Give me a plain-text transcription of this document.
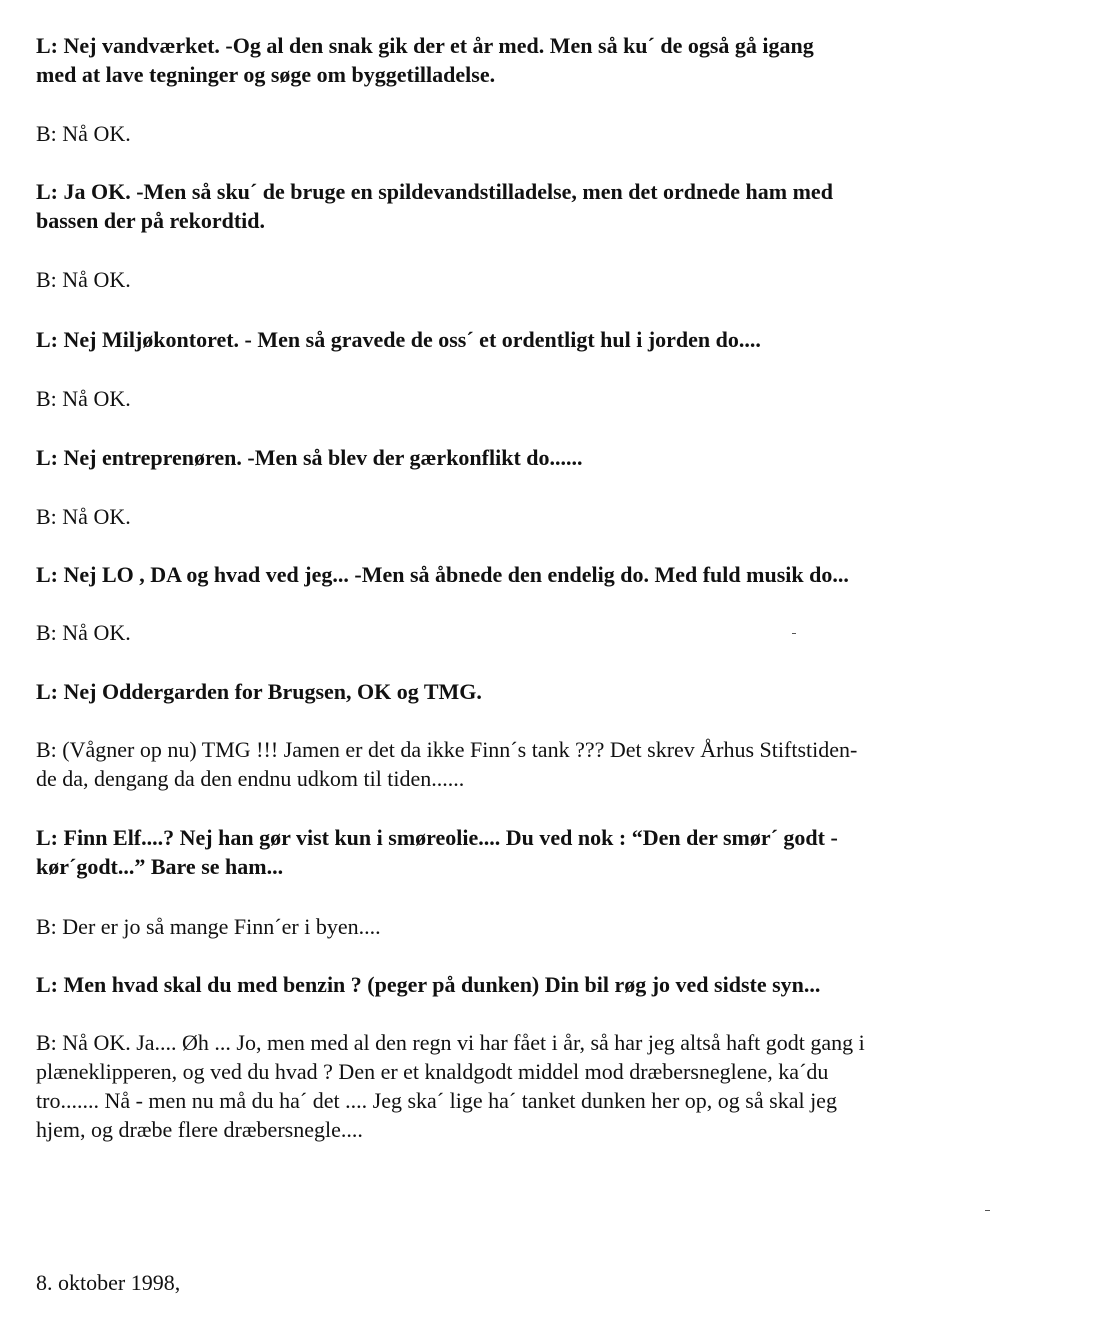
L: Nej vandværket. -Og al den snak gik der et år med. Men så ku´ de også gå igang
med at lave tegninger og søge om byggetilladelse.

B: Nå OK.

L: Ja OK. -Men så sku´ de bruge en spildevandstilladelse, men det ordnede ham med
bassen der på rekordtid.

B: Nå OK.

L: Nej Miljøkontoret. - Men så gravede de oss´ et ordentligt hul i jorden do....

B: Nå OK.

L: Nej entreprenøren. -Men så blev der gærkonflikt do......

B: Nå OK.

L: Nej LO , DA og hvad ved jeg... -Men så åbnede den endelig do. Med fuld musik do...

B: Nå OK.

L: Nej Oddergarden for Brugsen, OK og TMG.

B: (Vågner op nu) TMG !!! Jamen er det da ikke Finn´s tank ??? Det skrev Århus Stiftstiden-
de da, dengang da den endnu udkom til tiden......

L: Finn Elf....? Nej han gør vist kun i smøreolie.... Du ved nok : “Den der smør´ godt -
kør´godt...” Bare se ham...

B: Der er jo så mange Finn´er i byen....

L: Men hvad skal du med benzin ? (peger på dunken) Din bil røg jo ved sidste syn...

B: Nå OK. Ja.... Øh ... Jo, men med al den regn vi har fået i år, så har jeg altså haft godt gang i
plæneklipperen, og ved du hvad ? Den er et knaldgodt middel mod dræbersneglene, ka´du
tro....... Nå - men nu må du ha´ det .... Jeg ska´ lige ha´ tanket dunken her op, og så skal jeg
hjem, og dræbe flere dræbersnegle....

8. oktober 1998,
